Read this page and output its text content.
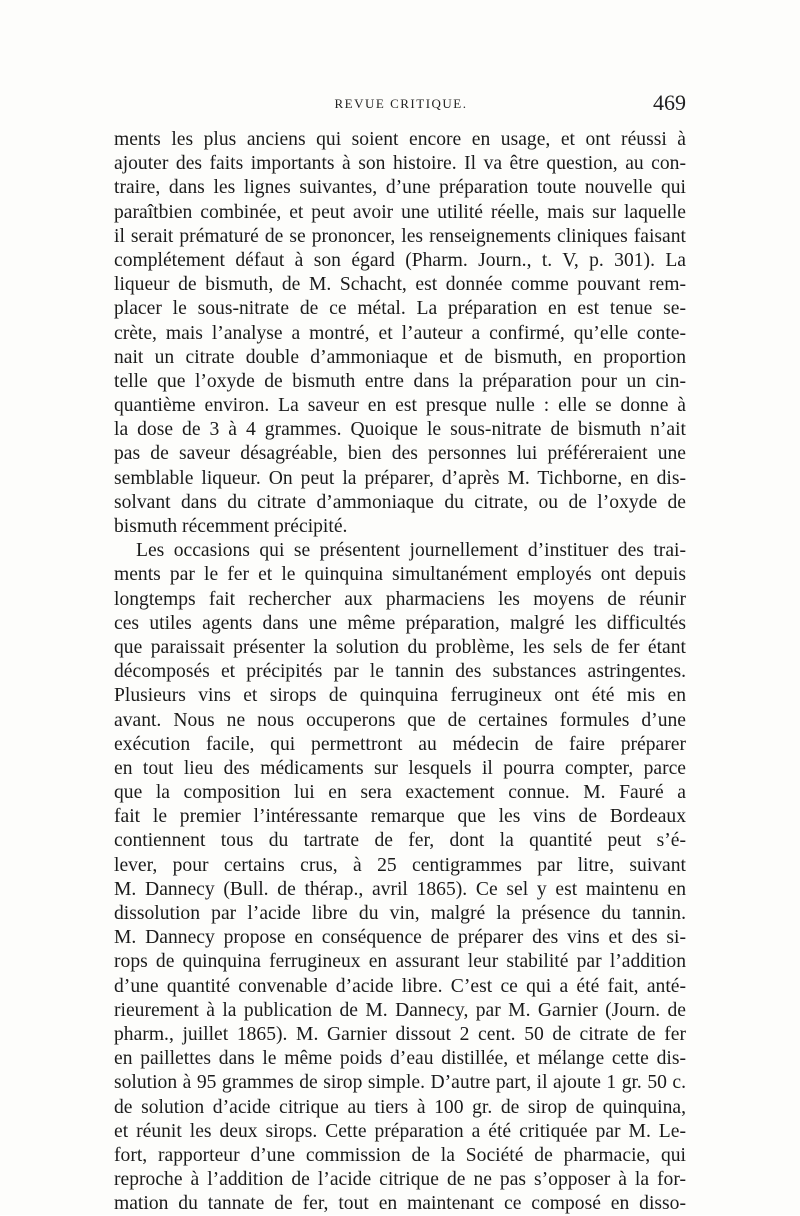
REVUE CRITIQUE.	469
ments les plus anciens qui soient encore en usage, et ont réussi à
ajouter des faits importants à son histoire. Il va être question, au con-
traire, dans les lignes suivantes, d’une préparation toute nouvelle qui
paraîtbien combinée, et peut avoir une utilité réelle, mais sur laquelle
il serait prématuré de se prononcer, les renseignements cliniques faisant
complétement défaut à son égard (Pharm. Journ., t. V, p. 301). La
liqueur de bismuth, de M. Schacht, est donnée comme pouvant rem-
placer le sous-nitrate de ce métal. La préparation en est tenue se-
crète, mais l’analyse a montré, et l’auteur a confirmé, qu’elle conte-
nait un citrate double d’ammoniaque et de bismuth, en proportion
telle que l’oxyde de bismuth entre dans la préparation pour un cin-
quantième environ. La saveur en est presque nulle : elle se donne à
la dose de 3 à 4 grammes. Quoique le sous-nitrate de bismuth n’ait
pas de saveur désagréable, bien des personnes lui préféreraient une
semblable liqueur. On peut la préparer, d’après M. Tichborne, en dis-
solvant dans du citrate d’ammoniaque du citrate, ou de l’oxyde de
bismuth récemment précipité.
Les occasions qui se présentent journellement d’instituer des trai-
ments par le fer et le quinquina simultanément employés ont depuis
longtemps fait rechercher aux pharmaciens les moyens de réunir
ces utiles agents dans une même préparation, malgré les difficultés
que paraissait présenter la solution du problème, les sels de fer étant
décomposés et précipités par le tannin des substances astringentes.
Plusieurs vins et sirops de quinquina ferrugineux ont été mis en
avant. Nous ne nous occuperons que de certaines formules d’une
exécution facile, qui permettront au médecin de faire préparer
en tout lieu des médicaments sur lesquels il pourra compter, parce
que la composition lui en sera exactement connue. M. Fauré a
fait le premier l’intéressante remarque que les vins de Bordeaux
contiennent tous du tartrate de fer, dont la quantité peut s’é-
lever, pour certains crus, à 25 centigrammes par litre, suivant
M. Dannecy (Bull. de thérap., avril 1865). Ce sel y est maintenu en
dissolution par l’acide libre du vin, malgré la présence du tannin.
M. Dannecy propose en conséquence de préparer des vins et des si-
rops de quinquina ferrugineux en assurant leur stabilité par l’addition
d’une quantité convenable d’acide libre. C’est ce qui a été fait, anté-
rieurement à la publication de M. Dannecy, par M. Garnier (Journ. de
pharm., juillet 1865). M. Garnier dissout 2 cent. 50 de citrate de fer
en paillettes dans le même poids d’eau distillée, et mélange cette dis-
solution à 95 grammes de sirop simple. D’autre part, il ajoute 1 gr. 50 c.
de solution d’acide citrique au tiers à 100 gr. de sirop de quinquina,
et réunit les deux sirops. Cette préparation a été critiquée par M. Le-
fort, rapporteur d’une commission de la Société de pharmacie, qui
reproche à l’addition de l’acide citrique de ne pas s’opposer à la for-
mation du tannate de fer, tout en maintenant ce composé en disso-
